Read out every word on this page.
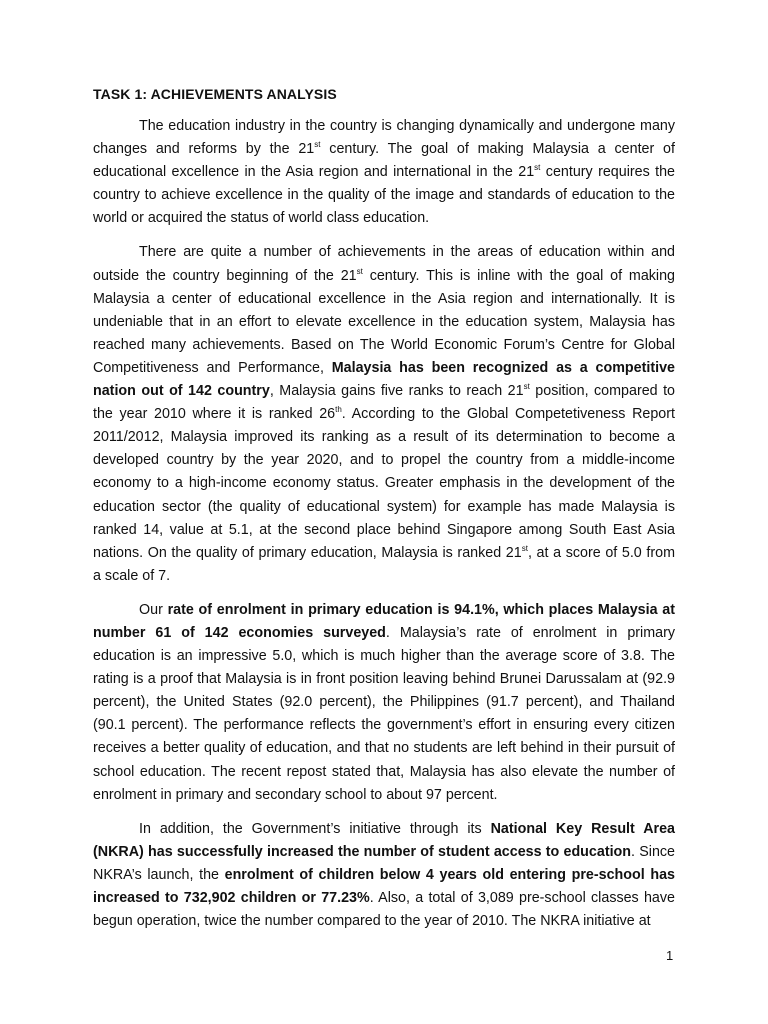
TASK 1: ACHIEVEMENTS ANALYSIS

The education industry in the country is changing dynamically and undergone many changes and reforms by the 21st century. The goal of making Malaysia a center of educational excellence in the Asia region and international in the 21st century requires the country to achieve excellence in the quality of the image and standards of education to the world or acquired the status of world class education.

There are quite a number of achievements in the areas of education within and outside the country beginning of the 21st century. This is inline with the goal of making Malaysia a center of educational excellence in the Asia region and internationally. It is undeniable that in an effort to elevate excellence in the education system, Malaysia has reached many achievements. Based on The World Economic Forum’s Centre for Global Competitiveness and Performance, Malaysia has been recognized as a competitive nation out of 142 country, Malaysia gains five ranks to reach 21st position, compared to the year 2010 where it is ranked 26th. According to the Global Competetiveness Report 2011/2012, Malaysia improved its ranking as a result of its determination to become a developed country by the year 2020, and to propel the country from a middle-income economy to a high-income economy status. Greater emphasis in the development of the education sector (the quality of educational system) for example has made Malaysia is ranked 14, value at 5.1, at the second place behind Singapore among South East Asia nations. On the quality of primary education, Malaysia is ranked 21st, at a score of 5.0 from a scale of 7.

Our rate of enrolment in primary education is 94.1%, which places Malaysia at number 61 of 142 economies surveyed. Malaysia’s rate of enrolment in primary education is an impressive 5.0, which is much higher than the average score of 3.8. The rating is a proof that Malaysia is in front position leaving behind Brunei Darussalam at (92.9 percent), the United States (92.0 percent), the Philippines (91.7 percent), and Thailand (90.1 percent). The performance reflects the government’s effort in ensuring every citizen receives a better quality of education, and that no students are left behind in their pursuit of school education. The recent repost stated that, Malaysia has also elevate the number of enrolment in primary and secondary school to about 97 percent.

In addition, the Government’s initiative through its National Key Result Area (NKRA) has successfully increased the number of student access to education. Since NKRA’s launch, the enrolment of children below 4 years old entering pre-school has increased to 732,902 children or 77.23%. Also, a total of 3,089 pre-school classes have begun operation, twice the number compared to the year of 2010. The NKRA initiative at

1
